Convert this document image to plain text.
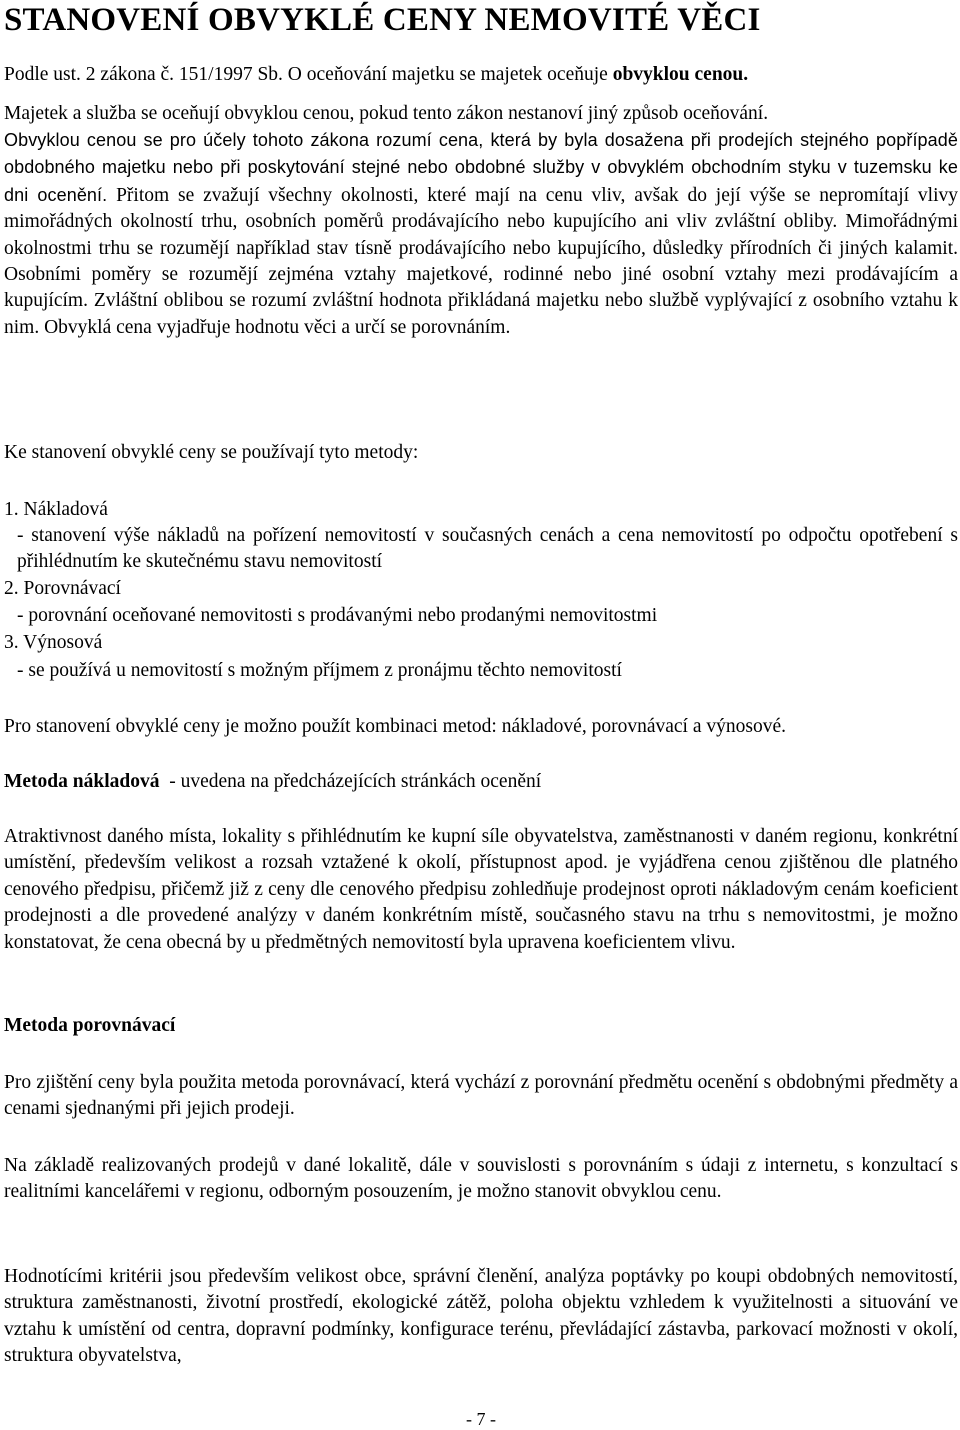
STANOVENÍ OBVYKLÉ CENY NEMOVITÉ VĚCI

Podle ust. 2 zákona č. 151/1997 Sb. O oceňování majetku se majetek oceňuje obvyklou cenou.

Majetek a služba se oceňují obvyklou cenou, pokud tento zákon nestanoví jiný způsob oceňování.

Obvyklou cenou se pro účely tohoto zákona rozumí cena, která by byla dosažena při prodejích stejného popřípadě obdobného majetku nebo při poskytování stejné nebo obdobné služby v obvyklém obchodním styku v tuzemsku ke dni ocenění. Přitom se zvažují všechny okolnosti, které mají na cenu vliv, avšak do její výše se nepromítají vlivy mimořádných okolností trhu, osobních poměrů prodávajícího nebo kupujícího ani vliv zvláštní obliby. Mimořádnými okolnostmi trhu se rozumějí například stav tísně prodávajícího nebo kupujícího, důsledky přírodních či jiných kalamit. Osobními poměry se rozumějí zejména vztahy majetkové, rodinné nebo jiné osobní vztahy mezi prodávajícím a kupujícím. Zvláštní oblibou se rozumí zvláštní hodnota přikládaná majetku nebo službě vyplývající z osobního vztahu k nim. Obvyklá cena vyjadřuje hodnotu věci a určí se porovnáním.

Ke stanovení obvyklé ceny se používají tyto metody:

1. Nákladová

- stanovení výše nákladů na pořízení nemovitostí v současných cenách a cena nemovitostí po odpočtu opotřebení s přihlédnutím ke skutečnému stavu nemovitostí

2. Porovnávací

- porovnání oceňované nemovitosti s prodávanými nebo prodanými nemovitostmi

3. Výnosová

- se používá u nemovitostí s možným příjmem z pronájmu těchto nemovitostí

Pro stanovení obvyklé ceny je možno použít kombinaci metod: nákladové, porovnávací a výnosové.

Metoda nákladová  - uvedena na předcházejících stránkách ocenění

Atraktivnost daného místa, lokality s přihlédnutím ke kupní síle obyvatelstva, zaměstnanosti v daném regionu, konkrétní umístění, především velikost a rozsah vztažené k okolí, přístupnost apod. je vyjádřena cenou zjištěnou dle platného cenového předpisu, přičemž již z ceny dle cenového předpisu zohledňuje prodejnost oproti nákladovým cenám koeficient prodejnosti a dle provedené analýzy v daném konkrétním místě, současného stavu na trhu s nemovitostmi, je možno konstatovat, že cena obecná by u předmětných nemovitostí byla upravena koeficientem vlivu.

Metoda porovnávací

Pro zjištění ceny byla použita metoda porovnávací, která vychází z porovnání předmětu ocenění s obdobnými předměty a cenami sjednanými při jejich prodeji.

Na základě realizovaných prodejů v dané lokalitě, dále v souvislosti s porovnáním s údaji z internetu, s konzultací s realitními kancelářemi v regionu, odborným posouzením, je možno stanovit obvyklou cenu.

Hodnotícími kritérii jsou především velikost obce, správní členění, analýza poptávky po koupi obdobných nemovitostí, struktura zaměstnanosti, životní prostředí, ekologické zátěž, poloha objektu vzhledem k využitelnosti a situování ve vztahu k umístění od centra, dopravní podmínky, konfigurace terénu, převládající zástavba, parkovací možnosti v okolí, struktura obyvatelstva,

- 7 -
